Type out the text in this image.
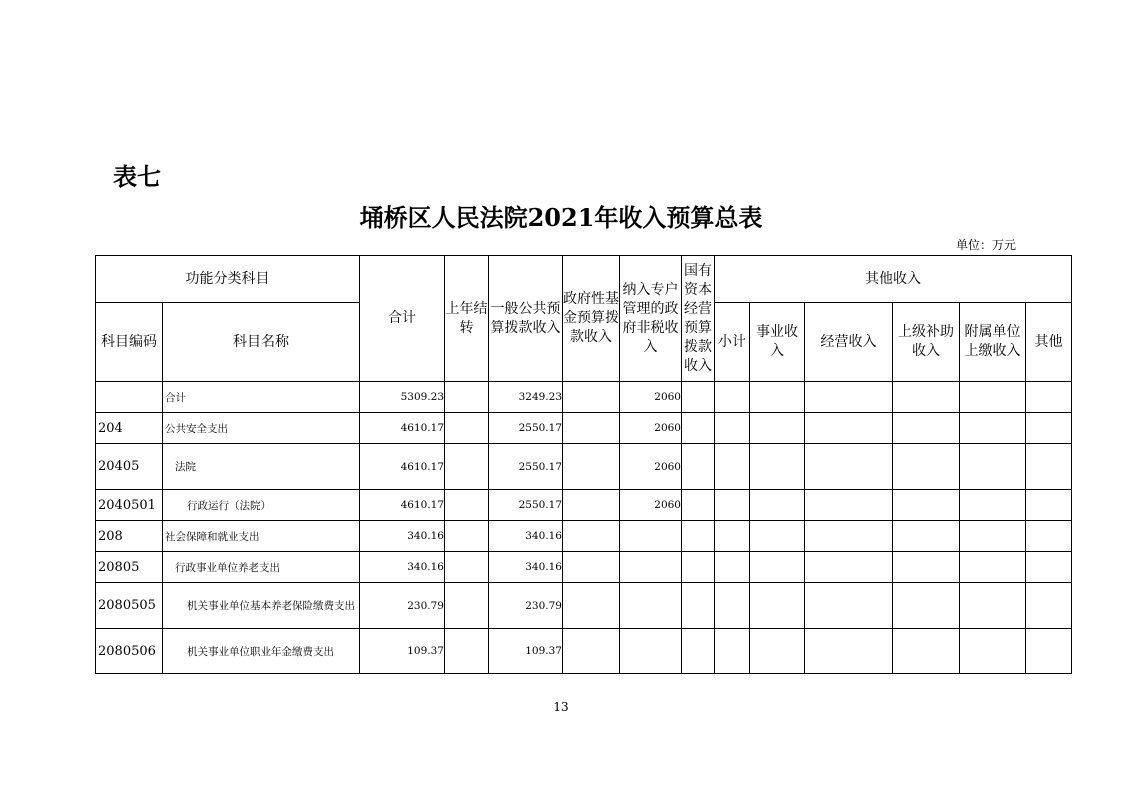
表七
埇桥区人民法院2021年收入预算总表
单位：万元
功能分类科目		合计	上年结转	一般公共预算拨款收入	政府性基金预算拨款收入	纳入专户管理的政府非税收入	国有资本经营预算拨款收入	其他收入					
科目编码	科目名称							小计	事业收入	经营收入	上级补助收入	附属单位上缴收入	其他
	合计	5309.23		3249.23		2060							
204	公共安全支出	4610.17		2550.17		2060							
20405	法院	4610.17		2550.17		2060							
2040501	行政运行（法院）	4610.17		2550.17		2060							
208	社会保障和就业支出	340.16		340.16									
20805	行政事业单位养老支出	340.16		340.16									
2080505	机关事业单位基本养老保险缴费支出	230.79		230.79									
2080506	机关事业单位职业年金缴费支出	109.37		109.37									
13
